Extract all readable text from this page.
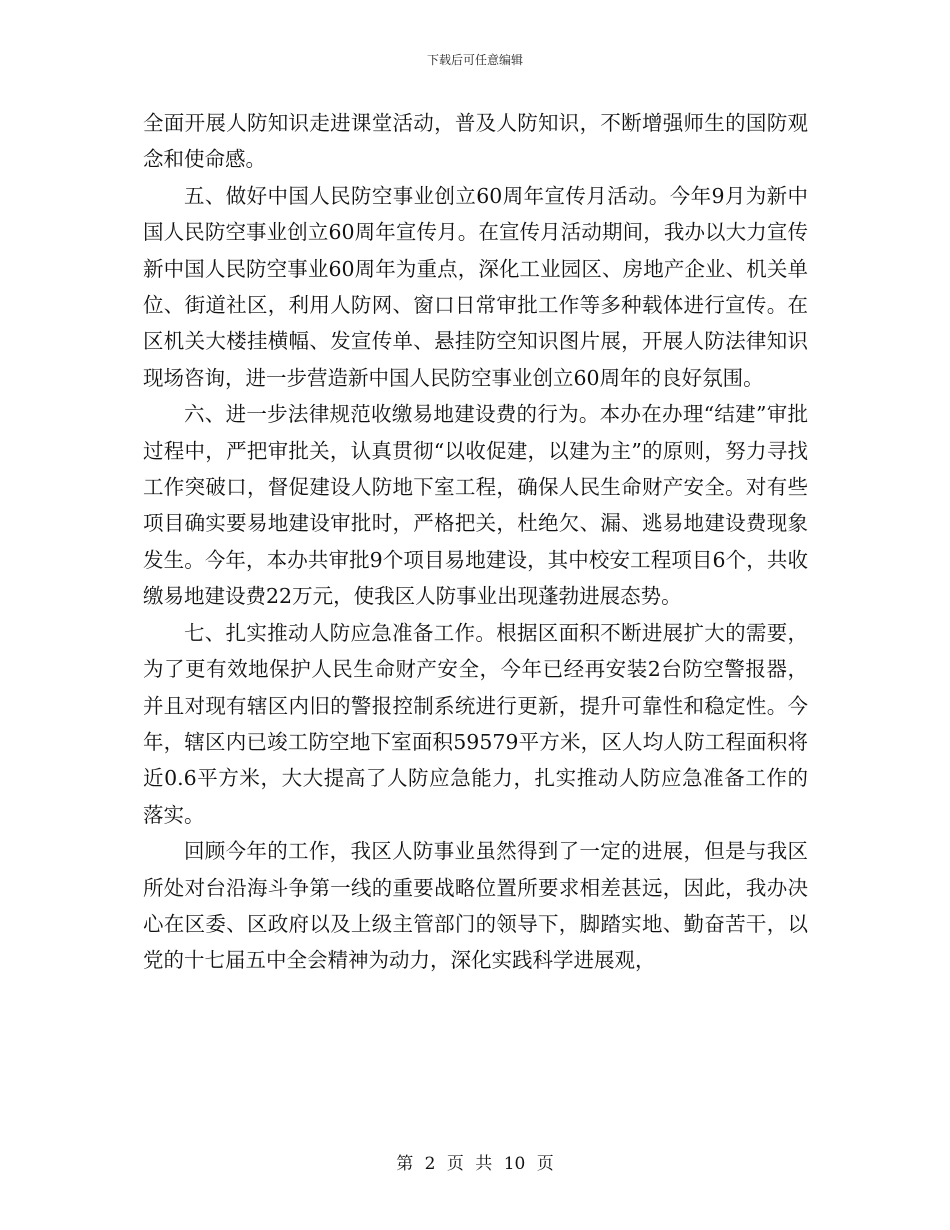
下载后可任意编辑

全面开展人防知识走进课堂活动，普及人防知识，不断增强师生的国防观念和使命感。

五、做好中国人民防空事业创立60周年宣传月活动。今年9月为新中国人民防空事业创立60周年宣传月。在宣传月活动期间，我办以大力宣传新中国人民防空事业60周年为重点，深化工业园区、房地产企业、机关单位、街道社区，利用人防网、窗口日常审批工作等多种载体进行宣传。在区机关大楼挂横幅、发宣传单、悬挂防空知识图片展，开展人防法律知识现场咨询，进一步营造新中国人民防空事业创立60周年的良好氛围。

六、进一步法律规范收缴易地建设费的行为。本办在办理“结建”审批过程中，严把审批关，认真贯彻“以收促建，以建为主”的原则，努力寻找工作突破口，督促建设人防地下室工程，确保人民生命财产安全。对有些项目确实要易地建设审批时，严格把关，杜绝欠、漏、逃易地建设费现象发生。今年，本办共审批9个项目易地建设，其中校安工程项目6个，共收缴易地建设费22万元，使我区人防事业出现蓬勃进展态势。

七、扎实推动人防应急准备工作。根据区面积不断进展扩大的需要，为了更有效地保护人民生命财产安全，今年已经再安装2台防空警报器，并且对现有辖区内旧的警报控制系统进行更新，提升可靠性和稳定性。今年，辖区内已竣工防空地下室面积59579平方米，区人均人防工程面积将近0.6平方米，大大提高了人防应急能力，扎实推动人防应急准备工作的落实。

回顾今年的工作，我区人防事业虽然得到了一定的进展，但是与我区所处对台沿海斗争第一线的重要战略位置所要求相差甚远，因此，我办决心在区委、区政府以及上级主管部门的领导下，脚踏实地、勤奋苦干，以党的十七届五中全会精神为动力，深化实践科学进展观，

第 2 页 共 10 页
